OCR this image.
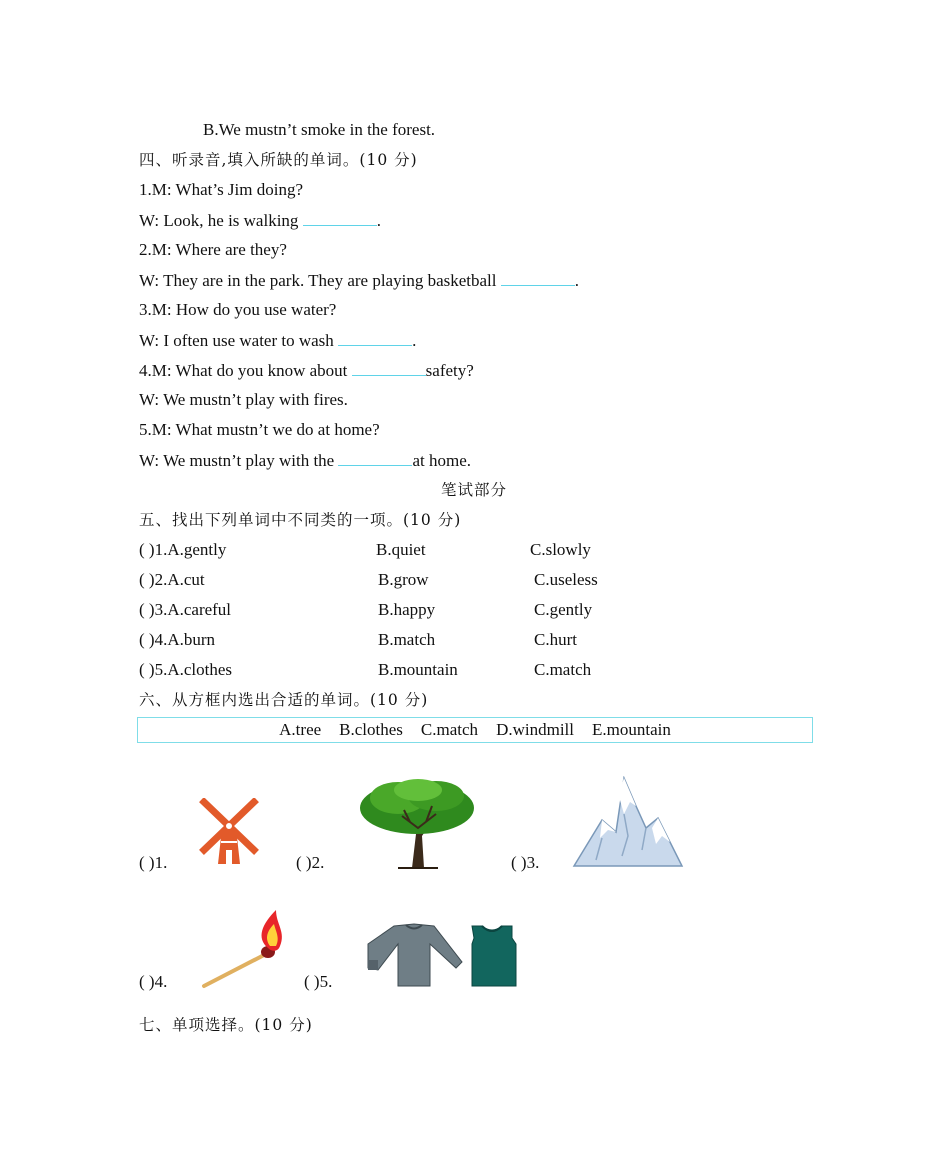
B.We mustn’t smoke in the forest.
四、听录音,填入所缺的单词。(10 分)
1.M: What’s Jim doing?
W: Look, he is walking	.
2.M: Where are they?
W: They are in the park. They are playing basketball	.
3.M: How do you use water?
W: I often use water to wash	.
4.M: What do you know about	safety?
W: We mustn’t play with fires.
5.M: What mustn’t we do at home?
W: We mustn’t play with the	at home.
笔试部分
五、找出下列单词中不同类的一项。(10 分)
( )1.A.gently	B.quiet	C.slowly
( )2.A.cut	B.grow	C.useless
( )3.A.careful	B.happy	C.gently
( )4.A.burn	B.match	C.hurt
( )5.A.clothes	B.mountain	C.match
六、从方框内选出合适的单词。(10 分)
A.tree B.clothes C.match D.windmill E.mountain
( )1.	( )2.	( )3.
( )4.	( )5.
七、单项选择。(10 分)
